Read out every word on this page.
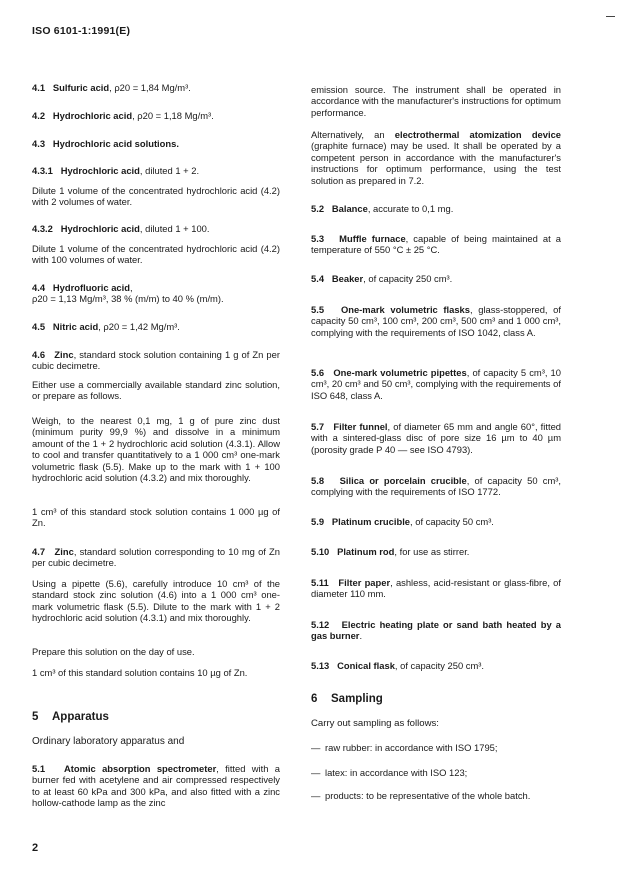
ISO 6101-1:1991(E)

4.1 Sulfuric acid, ρ20 = 1,84 Mg/m³.

4.2 Hydrochloric acid, ρ20 = 1,18 Mg/m³.

4.3 Hydrochloric acid solutions.

4.3.1 Hydrochloric acid, diluted 1 + 2.

Dilute 1 volume of the concentrated hydrochloric acid (4.2) with 2 volumes of water.

4.3.2 Hydrochloric acid, diluted 1 + 100.

Dilute 1 volume of the concentrated hydrochloric acid (4.2) with 100 volumes of water.

4.4 Hydrofluoric acid,
ρ20 = 1,13 Mg/m³, 38 % (m/m) to 40 % (m/m).

4.5 Nitric acid, ρ20 = 1,42 Mg/m³.

4.6 Zinc, standard stock solution containing 1 g of Zn per cubic decimetre.

Either use a commercially available standard zinc solution, or prepare as follows.

Weigh, to the nearest 0,1 mg, 1 g of pure zinc dust (minimum purity 99,9 %) and dissolve in a minimum amount of the 1 + 2 hydrochloric acid solution (4.3.1). Allow to cool and transfer quantitatively to a 1 000 cm³ one-mark volumetric flask (5.5). Make up to the mark with 1 + 100 hydrochloric acid solution (4.3.2) and mix thoroughly.

1 cm³ of this standard stock solution contains 1 000 µg of Zn.

4.7 Zinc, standard solution corresponding to 10 mg of Zn per cubic decimetre.

Using a pipette (5.6), carefully introduce 10 cm³ of the standard stock zinc solution (4.6) into a 1 000 cm³ one-mark volumetric flask (5.5). Dilute to the mark with 1 + 2 hydrochloric acid solution (4.3.1) and mix thoroughly.

Prepare this solution on the day of use.

1 cm³ of this standard solution contains 10 µg of Zn.

5 Apparatus

Ordinary laboratory apparatus and

5.1 Atomic absorption spectrometer, fitted with a burner fed with acetylene and air compressed respectively to at least 60 kPa and 300 kPa, and also fitted with a zinc hollow-cathode lamp as the zinc

emission source. The instrument shall be operated in accordance with the manufacturer's instructions for optimum performance.

Alternatively, an electrothermal atomization device (graphite furnace) may be used. It shall be operated by a competent person in accordance with the manufacturer's instructions for optimum performance, using the test solution as prepared in 7.2.

5.2 Balance, accurate to 0,1 mg.

5.3 Muffle furnace, capable of being maintained at a temperature of 550 °C ± 25 °C.

5.4 Beaker, of capacity 250 cm³.

5.5 One-mark volumetric flasks, glass-stoppered, of capacity 50 cm³, 100 cm³, 200 cm³, 500 cm³ and 1 000 cm³, complying with the requirements of ISO 1042, class A.

5.6 One-mark volumetric pipettes, of capacity 5 cm³, 10 cm³, 20 cm³ and 50 cm³, complying with the requirements of ISO 648, class A.

5.7 Filter funnel, of diameter 65 mm and angle 60°, fitted with a sintered-glass disc of pore size 16 µm to 40 µm (porosity grade P 40 — see ISO 4793).

5.8 Silica or porcelain crucible, of capacity 50 cm³, complying with the requirements of ISO 1772.

5.9 Platinum crucible, of capacity 50 cm³.

5.10 Platinum rod, for use as stirrer.

5.11 Filter paper, ashless, acid-resistant or glass-fibre, of diameter 110 mm.

5.12 Electric heating plate or sand bath heated by a gas burner.

5.13 Conical flask, of capacity 250 cm³.

6 Sampling

Carry out sampling as follows:

— raw rubber: in accordance with ISO 1795;

— latex: in accordance with ISO 123;

— products: to be representative of the whole batch.

2
